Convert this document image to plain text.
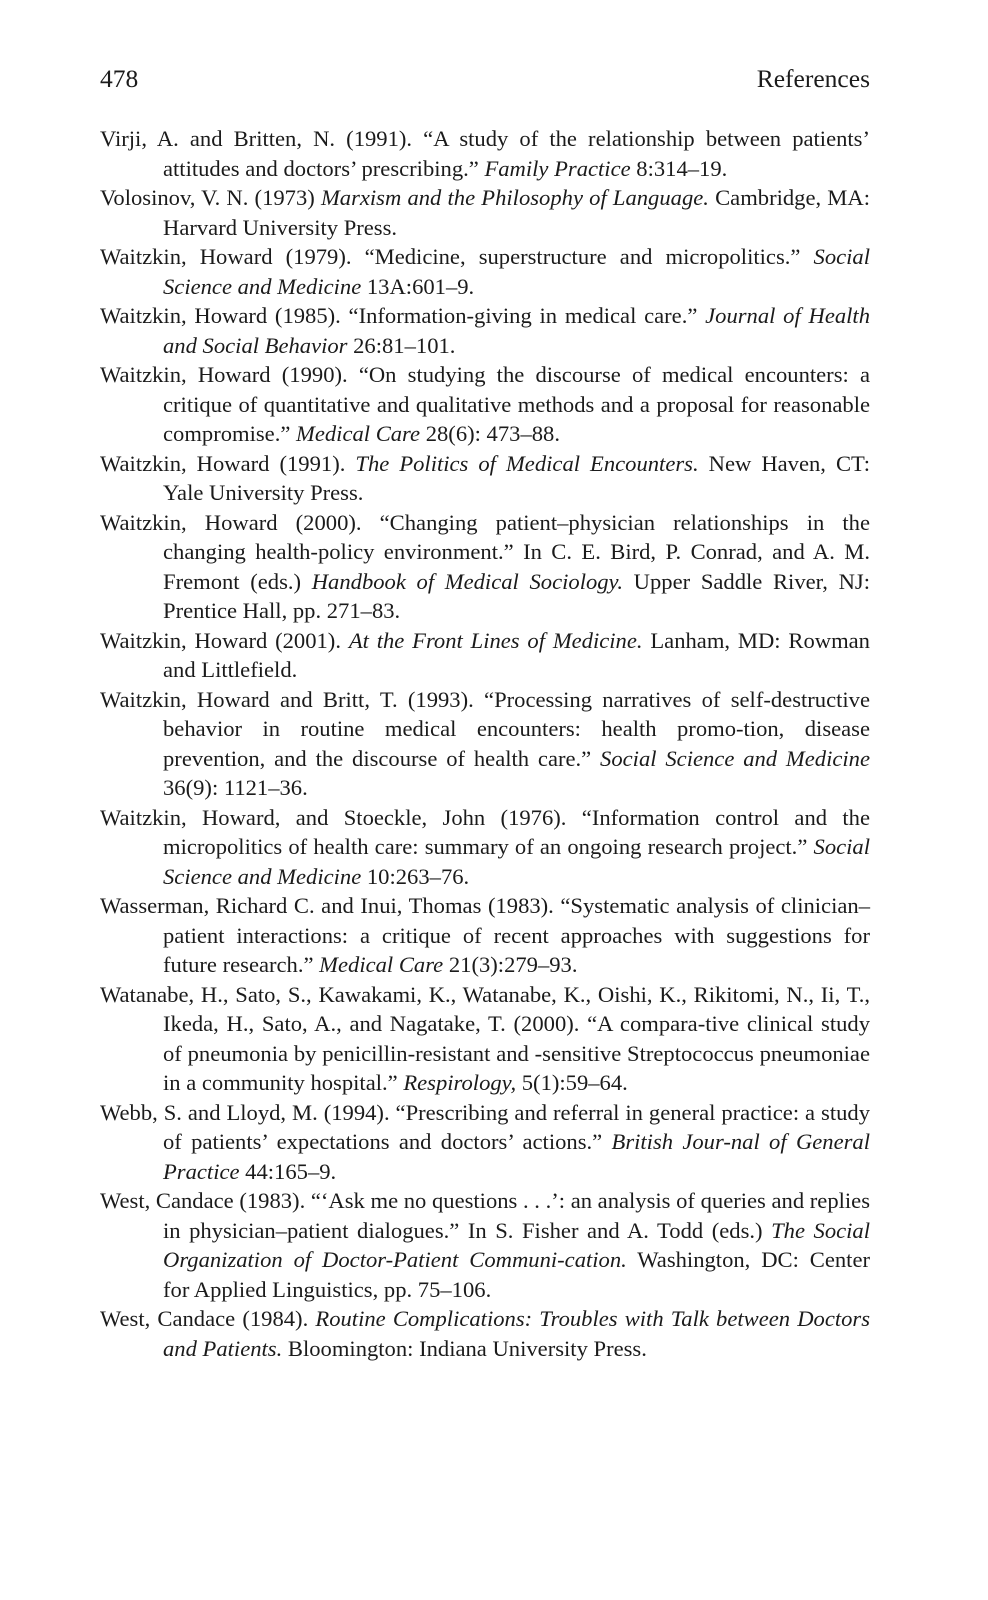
478	References
Virji, A. and Britten, N. (1991). “A study of the relationship between patients’ attitudes and doctors’ prescribing.” Family Practice 8:314–19.
Volosinov, V. N. (1973) Marxism and the Philosophy of Language. Cambridge, MA: Harvard University Press.
Waitzkin, Howard (1979). “Medicine, superstructure and micropolitics.” Social Science and Medicine 13A:601–9.
Waitzkin, Howard (1985). “Information-giving in medical care.” Journal of Health and Social Behavior 26:81–101.
Waitzkin, Howard (1990). “On studying the discourse of medical encounters: a critique of quantitative and qualitative methods and a proposal for reasonable compromise.” Medical Care 28(6): 473–88.
Waitzkin, Howard (1991). The Politics of Medical Encounters. New Haven, CT: Yale University Press.
Waitzkin, Howard (2000). “Changing patient–physician relationships in the changing health-policy environment.” In C. E. Bird, P. Conrad, and A. M. Fremont (eds.) Handbook of Medical Sociology. Upper Saddle River, NJ: Prentice Hall, pp. 271–83.
Waitzkin, Howard (2001). At the Front Lines of Medicine. Lanham, MD: Rowman and Littlefield.
Waitzkin, Howard and Britt, T. (1993). “Processing narratives of self-destructive behavior in routine medical encounters: health promo-tion, disease prevention, and the discourse of health care.” Social Science and Medicine 36(9): 1121–36.
Waitzkin, Howard, and Stoeckle, John (1976). “Information control and the micropolitics of health care: summary of an ongoing research project.” Social Science and Medicine 10:263–76.
Wasserman, Richard C. and Inui, Thomas (1983). “Systematic analysis of clinician–patient interactions: a critique of recent approaches with suggestions for future research.” Medical Care 21(3):279–93.
Watanabe, H., Sato, S., Kawakami, K., Watanabe, K., Oishi, K., Rikitomi, N., Ii, T., Ikeda, H., Sato, A., and Nagatake, T. (2000). “A compara-tive clinical study of pneumonia by penicillin-resistant and -sensitive Streptococcus pneumoniae in a community hospital.” Respirology, 5(1):59–64.
Webb, S. and Lloyd, M. (1994). “Prescribing and referral in general practice: a study of patients’ expectations and doctors’ actions.” British Jour-nal of General Practice 44:165–9.
West, Candace (1983). “‘Ask me no questions . . .’: an analysis of queries and replies in physician–patient dialogues.” In S. Fisher and A. Todd (eds.) The Social Organization of Doctor-Patient Communi-cation. Washington, DC: Center for Applied Linguistics, pp. 75–106.
West, Candace (1984). Routine Complications: Troubles with Talk between Doctors and Patients. Bloomington: Indiana University Press.
